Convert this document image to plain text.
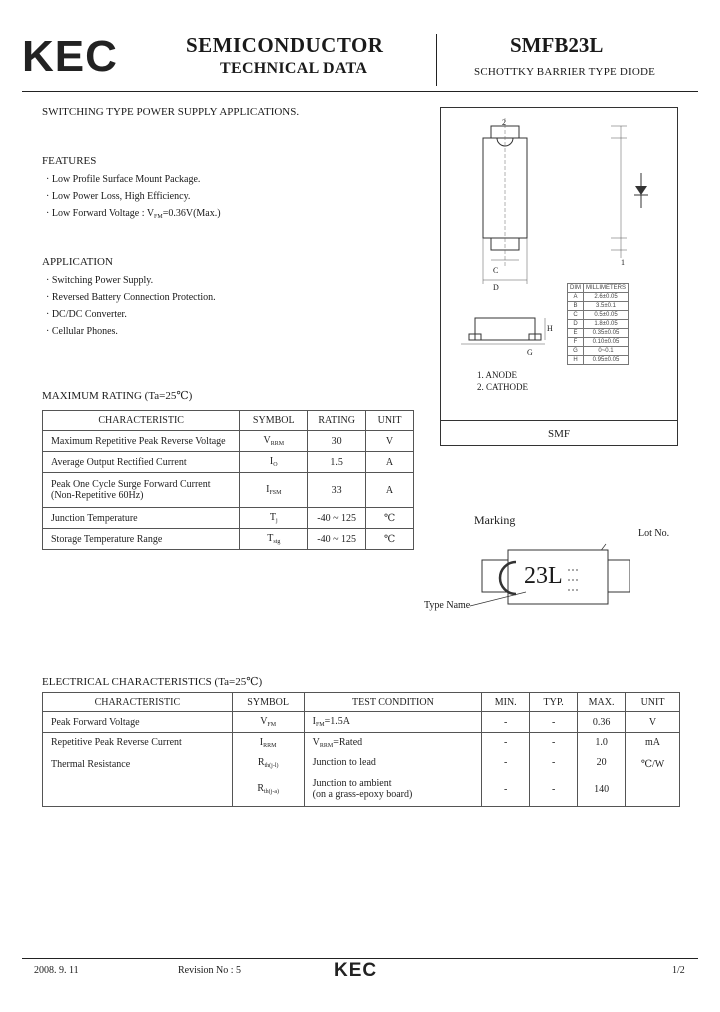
KEC	SEMICONDUCTOR
TECHNICAL DATA
SMFB23L
SCHOTTKY BARRIER TYPE DIODE
SWITCHING TYPE POWER SUPPLY APPLICATIONS.
FEATURES
· Low Profile Surface Mount Package.
· Low Power Loss, High Efficiency.
· Low Forward Voltage : $V_{FM}=0.36V(Max.)$
APPLICATION
· Switching Power Supply.
· Reversed Battery Connection Protection.
· DC/DC Converter.
· Cellular Phones.
MAXIMUM RATING (Ta=25℃)
CHARACTERISTIC	SYMBOL	RATING	UNIT
Maximum Repetitive Peak Reverse Voltage	$V_{RRM}$	30	V
Average Output Rectified Current	$I_O$	1.5	A

Peak One Cycle Surge Forward Current
(Non-Repetitive 60Hz)	$I_{FSM}$	33	A
Junction Temperature	$T_j$	-40 ~ 125	℃
Storage Temperature Range	$T_{stg}$	-40 ~ 125	℃
2
1
C
D
H
G
1. ANODE
2. CATHODE
DIM	MILLIMETERS
A	2.6±0.05
B	3.5±0.1
C	0.5±0.05
D	1.8±0.05
E	0.35±0.05
F	0.10±0.05
G	0~0.1
H	0.95±0.05
SMF
Marking
Lot No.
23L
Type Name
ELECTRICAL CHARACTERISTICS (Ta=25℃)
CHARACTERISTIC	SYMBOL	TEST CONDITION	MIN.	TYP.	MAX.	UNIT
Peak Forward Voltage	$V_{FM}$	$I_{FM}=1.5A$	-	-	0.36	V
Repetitive Peak Reverse Current	$I_{RRM}$	$V_{RRM}=Rated$	-	-	1.0	mA

Thermal Resistance	$R_{th(j-l)}$	Junction to lead	-	-	20	℃/W

	$R_{th(j-a)}$	Junction to ambient
(on a grass-epoxy board)	-	-	140	
2008. 9. 11	Revision No : 5	KEC	1/2
